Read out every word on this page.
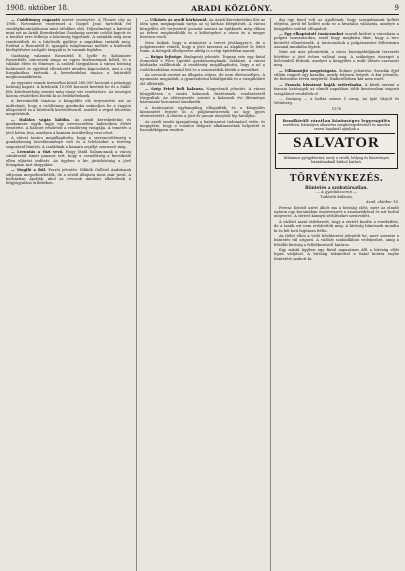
1908. október 18.	ARADI KÖZLÖNY.	9

— Csődtömeg ragasztó mevet vezényére. A Thonet cég az 1908. Novemberi vezetéssel a Gozpel Jenő tartották fel vendégfinomtájékosan mint ötödikes oldi. Teljesítményt a kávéval mint ezt az Aradi Kereskedelmi Gazdaság szerint csődöt kapott és a kerület erre felhívja a közönség figyelmét. A számlák még nem rendeződtek és a hitelezők gyűlése a napokban tartatik meg. Ezúttal a Rosenfeld E. igazgató tulajdonosai mellett a hitelezők kielégítésére szolgáló tárgyak is le vannak foglalva.

Gazdaság valamint Rosenfeld E. lpcfle és Kohiniszer Rosenfeldt, nincsenek maga az egyes közlemények kőből, és a vállalat élete és élménye. A szóbeli tárgyaláson a városi bíróság határozott és egyúttal ellenőrzött minden kapcsolatot, ami a cég forgalmához tartozik. A kereskedelmi tanács a határidőt meghosszabbította.

Az egyenes vámok tartozékai közül 260.000 koronát a pénzügyi hatóság kapott. A hitelezők 15.000 koronát fizettek be és a Mahl-féle kötelezettség szerint még ennyi vár rendezésre. Az összeget három részletben fizetik ki az érdekelteknek.

A kereskedők tanácsa a közgyűlés elé terjesztette azt az indítványt, hogy a csődtömeg gondnoka számoljon be a vagyon állapotáról és a hitelezők követeléseiről, mielőtt a végső felosztás megtörténik.

— Halálos vágás kálóba. Az aradi kereskedelmi és iparkamara egyik tagja egy szerencsétlen balesetben életét vesztette. A baleset részleteit a rendőrség vizsgálja. A temetés a jövő héten lesz, amelyen a kamara testületileg vesz részt.

A városi tanács megállapította, hogy a szerencsétlenség a gondatlanság következménye volt és a felelősöket a törvény szigorával bünteti. A családnak a kamara segélyt szavazott meg.

— Lerontás a tűzi vevő. Hogy Mahl Salamonnak a városi vámhivatal ismét panaszt tett, hogy a csendőrség a kereskedő ellen eljárást indított. Az ügyben a kir. járásbíróság a jövő hónapban tart tárgyalást.

— Mogiló a fiúl. Forrói jelentés: Ildikók Gellérd Andrásnak súlyosan megsebesítették, de a sérült állapota most már javul. A kórházban ápolják, ahol az orvosok mindent elkövetnek a felgyógyulása érdekében.

— Ütközés az aradi kórháznál. Az Aradi Kereskedelmi Kör az idén igen megkapónak tartja az új kórház felépítését. A városi közgyűlés elé terjesztett javaslat szerint az építkezés még ebben az évben megkezdődik és a költségeket a város és a megye közösen viseli.

Nem tudjuk, hogy a miniszter a tervet jóváhagyta-e, de a polgármester reméli, hogy a jövő tavaszra az alapkövet le lehet tenni. A betegek elhelyezése addig is a régi épületben marad.

— Brága fejtsége. Budapesti jelentés: Tegnap este egy fiatal Somoskői e Pócs Lipótné gazdasszonyának, Szalainé, a városi kórházba szállították. A rendőrség megállapította, hogy a nő a cselédszobában rosszul lett és a szomszédok hívták a mentőket.

Az orvosok szerint az állapota súlyos, de nem életveszélyes. A nyomozás megindult, a gyanúsítottat kihallgatták és a vizsgálóbíró elé állították.

— Szép Fried beli kalauza. Nagyváradi jelentés: A városi közgyűlésen a vasúti kalauzok fizetésének rendezéséről tárgyaltak. Az előterjesztés szerint a kalauzok évi illetménye háromszáz koronával emelkedik.

A határozatot egyhangúlag elfogadták, és a közgyűlés köszönetét fejezte ki a polgármesternek az ügy gyors elintézéséért. A döntés a jövő év január elsejétől lép hatályba.

Az aradi vasúti igazgatóság a határozatot tudomásul vette, és megígérte, hogy a vonalon dolgozó alkalmazottak helyzetét is hasonlóképpen rendezi.

dig egy fixed volt az Apollónak, hogy szorgalmasak kellett eléjteni, arról fel kellett neki ez a hivatalos választás, amelyet a közgyűlés ezúttal elfogadott.

— Egy elkaptutott tanácsnokot szorult kedvet a városháza a polgári szavazásokra, ezzel hogy megbízta őket, hogy a terv kivitelét ellenőrizzék. A tanácsnokok a polgármester felhívására azonnal munkába léptek.

Mint azt már jelentettük, a város közvágóhídjának tervezett bővítése a jövő évben valósul meg. A szükséges összeget a kölcsönből fedezik, amelyet a közgyűlés a múlt ülésén szavazott meg.

— Villámsújtó megvirágzás. Selmec jelentése: Szerdán éjjel villám csapott egy kazalba, amely teljesen leégett. A kár jelentős, de biztosítás révén megtérül. Emberéletben kár nem esett.

— Francia kisvárosi haják szétrelaaka. A hírek szerint a francia hatóságok az elmúlt napokban több kisvárosban szigorú vizsgálatot rendeltek el.

— Zentang — a baltár szeme 5 cuvaj. Az Igló Várjolt és Weinberg.

1576
Rendkívüli váratlan közönséges legyengülés
esetében, bármilyen alkatrész megbetegedésénél és minden szervi bajoknál ajánljuk a
SALVATOR
lithiumos gyógyforrást, mely a vesék, hólyag és köszvényes bántalmaknál kitűnő hatású.
TÖRVÉNYKEZÉS.
Büntetés a szobatársatlan.
— A gyáclukszerep —
Tudósító különös.
Arad, október 16.

Ferenc Kristóf azért állott ma a bíróság előtt, mert az elmúlt nyáron egy kocsmában összeveszett a szomszédjával és azt bottal megverte. A sértett könnyű sérüléseket szenvedett.

A vádlott azzal védekezett, hogy a sértett kezdte a verekedést, de a tanúk ezt nem erősítették meg. A bíróság bűnösnek mondta ki és két heti fogházra ítélte.

Az ítélet ellen a védő felebbezést jelentett be, mert szerinte a büntetés túl szigorú. A vádlott szabadlábon védekezhet, amíg a felsőbb bíróság a fellebbezésről határoz.

Egy másik ügyben egy fiatal napszámos állt a bíróság előtt lopás vádjával. A bíróság tekintettel a fiatal korára enyhe büntetést szabott ki.
